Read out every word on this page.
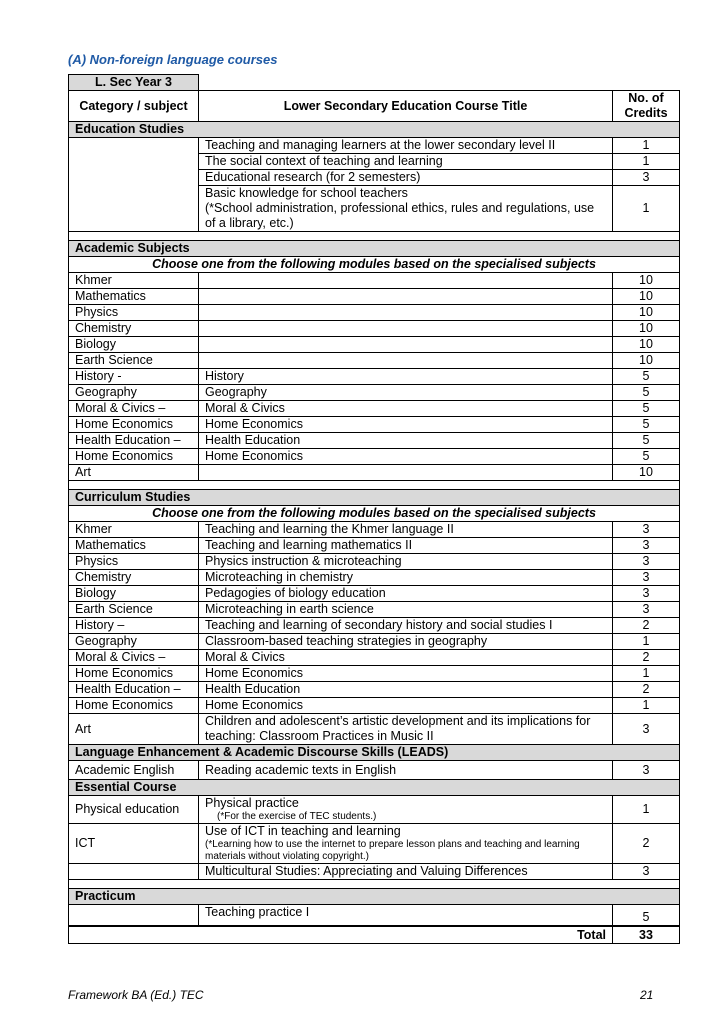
(A) Non-foreign language courses
L. Sec Year 3		
Category / subject	Lower Secondary Education Course Title	No. of Credits
Education Studies		
	Teaching and managing learners at the lower secondary level II	1
	The social context of teaching and learning	1
	Educational research (for 2 semesters)	3

	Basic knowledge for school teachers
(*School administration, professional ethics, rules and regulations, use of a library, etc.)	1

Academic Subjects		
Choose one from the following modules based on the specialised subjects		
Khmer		10
Mathematics		10
Physics		10
Chemistry		10
Biology		10
Earth Science		10
History -	History	5
Geography	Geography	5
Moral & Civics –	Moral & Civics	5
Home Economics	Home Economics	5
Health Education –	Health Education	5
Home Economics	Home Economics	5
Art		10

Curriculum Studies		
Choose one from the following modules based on the specialised subjects		
Khmer	Teaching and learning the Khmer language II	3
Mathematics	Teaching and learning mathematics II	3
Physics	Physics instruction & microteaching	3
Chemistry	Microteaching in chemistry	3
Biology	Pedagogies of biology education	3
Earth Science	Microteaching in earth science	3
History –	Teaching and learning of secondary history and social studies I	2
Geography	Classroom-based teaching strategies in geography	1
Moral & Civics –	Moral & Civics	2
Home Economics	Home Economics	1
Health Education –	Health Education	2
Home Economics	Home Economics	1
Art	Children and adolescent’s artistic development and its implications for teaching: Classroom Practices in Music II	3
Language Enhancement & Academic Discourse Skills (LEADS)		
Academic English	Reading academic texts in English	3
Essential Course		
Physical education	Physical practice
(*For the exercise of TEC students.)	1
ICT	Use of ICT in teaching and learning
(*Learning how to use the internet to prepare lesson plans and teaching and learning materials without violating copyright.)	2
	Multicultural Studies: Appreciating and Valuing Differences	3

Practicum		
	Teaching practice I	5
Total		33
Framework BA (Ed.) TEC	21
